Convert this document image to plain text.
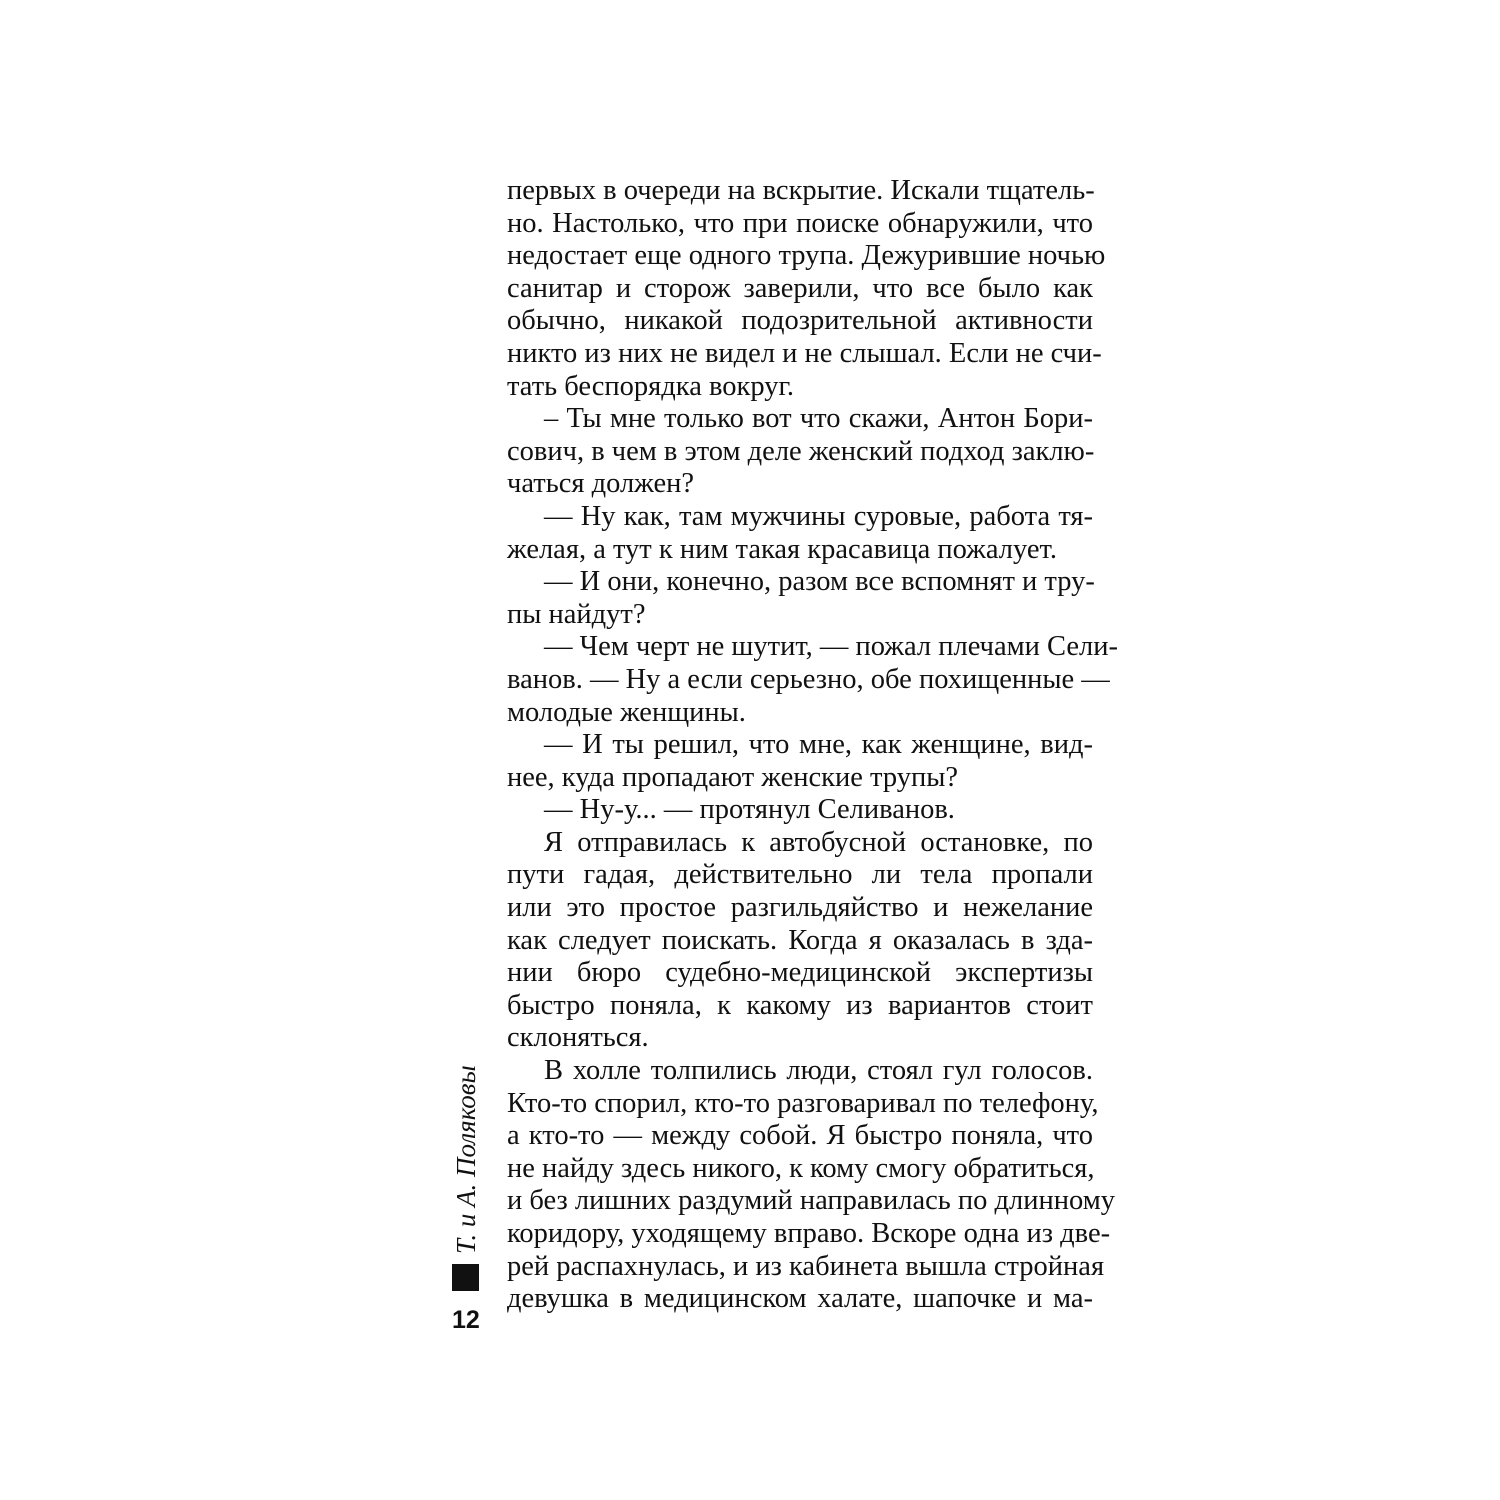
первых в очереди на вскрытие. Искали тщатель-
но. Настолько, что при поиске обнаружили, что
недостает еще одного трупа. Дежурившие ночью
санитар и сторож заверили, что все было как
обычно, никакой подозрительной активности
никто из них не видел и не слышал. Если не счи-
тать беспорядка вокруг.
– Ты мне только вот что скажи, Антон Бори-
сович, в чем в этом деле женский подход заклю-
чаться должен?
— Ну как, там мужчины суровые, работа тя-
желая, а тут к ним такая красавица пожалует.
— И они, конечно, разом все вспомнят и тру-
пы найдут?
— Чем черт не шутит, — пожал плечами Сели-
ванов. — Ну а если серьезно, обе похищенные —
молодые женщины.
— И ты решил, что мне, как женщине, вид-
нее, куда пропадают женские трупы?
— Ну-у... — протянул Селиванов.
Я отправилась к автобусной остановке, по
пути гадая, действительно ли тела пропали
или это простое разгильдяйство и нежелание
как следует поискать. Когда я оказалась в зда-
нии бюро судебно-медицинской экспертизы
быстро поняла, к какому из вариантов стоит
склоняться.
В холле толпились люди, стоял гул голосов.
Кто-то спорил, кто-то разговаривал по телефону,
а кто-то — между собой. Я быстро поняла, что
не найду здесь никого, к кому смогу обратиться,
и без лишних раздумий направилась по длинному
коридору, уходящему вправо. Вскоре одна из две-
рей распахнулась, и из кабинета вышла стройная
девушка в медицинском халате, шапочке и ма-
Т. и А. Поляковы
12
